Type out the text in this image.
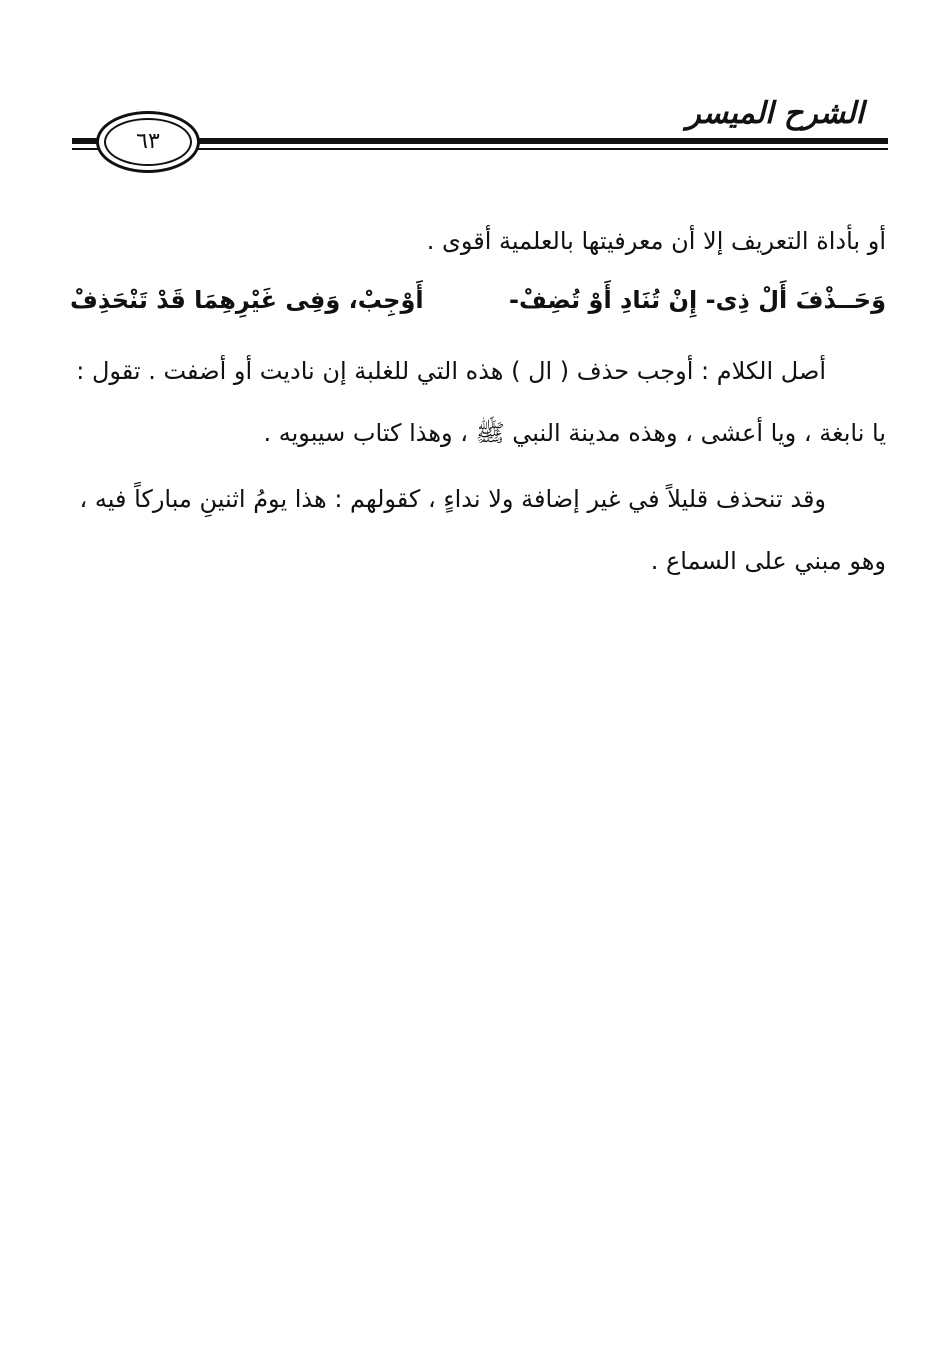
الشرح الميسر
٦٣

أو بأداة التعريف إلا أن معرفيتها بالعلمية أقوى .

وَحَــذْفَ أَلْ ذِى- إِنْ تُنَادِ أَوْ تُضِفْ-
أَوْجِبْ، وَفِى غَيْرِهِمَا قَدْ تَنْحَذِفْ

أصل الكلام : أوجب حذف ( ال ) هذه التي للغلبة إن ناديت أو أضفت . تقول : يا نابغة ، ويا أعشى ، وهذه مدينة النبي ﷺ ، وهذا كتاب سيبويه .

وقد تنحذف قليلاً في غير إضافة ولا نداءٍ ، كقولهم : هذا يومُ اثنينِ مباركاً فيه ، وهو مبني على السماع .
